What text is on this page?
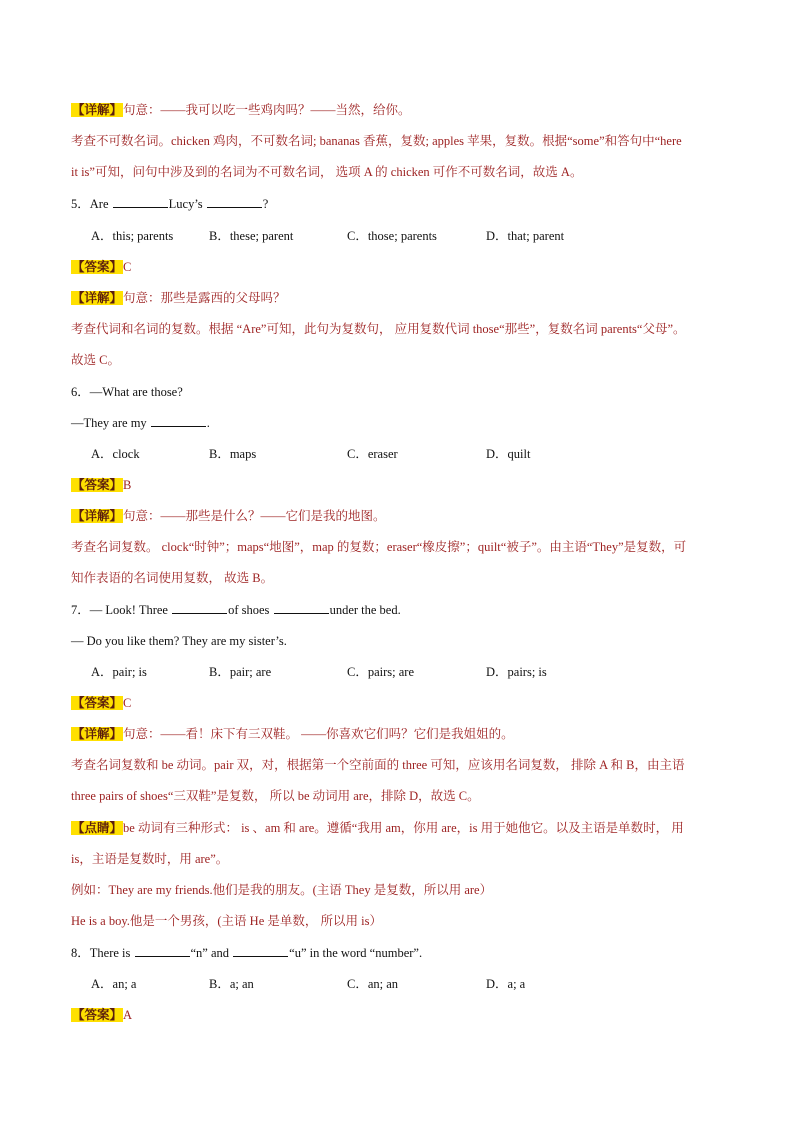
【详解】句意：——我可以吃一些鸡肉吗？——当然，给你。
考查不可数名词。chicken 鸡肉，不可数名词; bananas 香蕉，复数; apples 苹果，复数。根据“some”和答句中“here
it is”可知，问句中涉及到的名词为不可数名词， 选项 A 的 chicken 可作不可数名词，故选 A。
5．Are	Lucy’s	?
A．this; parents	B．these; parent	C．those; parents	D．that; parent
【答案】C
【详解】句意：那些是露西的父母吗？
考查代词和名词的复数。根据 “Are”可知，此句为复数句， 应用复数代词 those“那些”，复数名词 parents“父母”。
故选 C。
6．—What are those?
—They are my	.
A．clock	B．maps	C．eraser	D．quilt
【答案】B
【详解】句意：——那些是什么？——它们是我的地图。
考查名词复数。 clock“时钟”；maps“地图”，map 的复数；eraser“橡皮擦”；quilt“被子”。由主语“They”是复数，可
知作表语的名词使用复数， 故选 B。
7．— Look! Three	of shoes	under the bed.
— Do you like them? They are my sister’s.
A．pair; is	B．pair; are	C．pairs; are	D．pairs; is
【答案】C
【详解】句意：——看！床下有三双鞋。 ——你喜欢它们吗？它们是我姐姐的。
考查名词复数和 be 动词。pair 双，对，根据第一个空前面的 three 可知，应该用名词复数， 排除 A 和 B，由主语
three pairs of shoes“三双鞋”是复数， 所以 be 动词用 are，排除 D，故选 C。
【点睛】be 动词有三种形式： is 、am 和 are。遵循“我用 am，你用 are，is 用于她他它。以及主语是单数时， 用
is，主语是复数时，用 are”。
例如：They are my friends.他们是我的朋友。(主语 They 是复数，所以用 are）
He is a boy.他是一个男孩，(主语 He 是单数， 所以用 is）
8．There is	“n” and	“u” in the word “number”.
A．an; a	B．a; an	C．an; an	D．a; a
【答案】A
